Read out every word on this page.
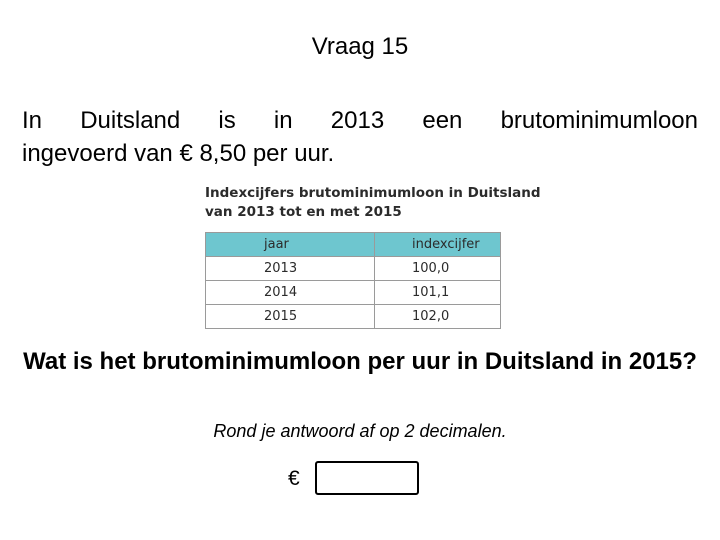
Vraag 15
In Duitsland is in 2013 een brutominimumloon
ingevoerd van € 8,50 per uur.
Indexcijfers brutominimumloon in Duitsland
van 2013 tot en met 2015
jaar	indexcijfer
2013	100,0
2014	101,1
2015	102,0
Wat is het brutominimumloon per uur in Duitsland in 2015?
Rond je antwoord af op 2 decimalen.
€
